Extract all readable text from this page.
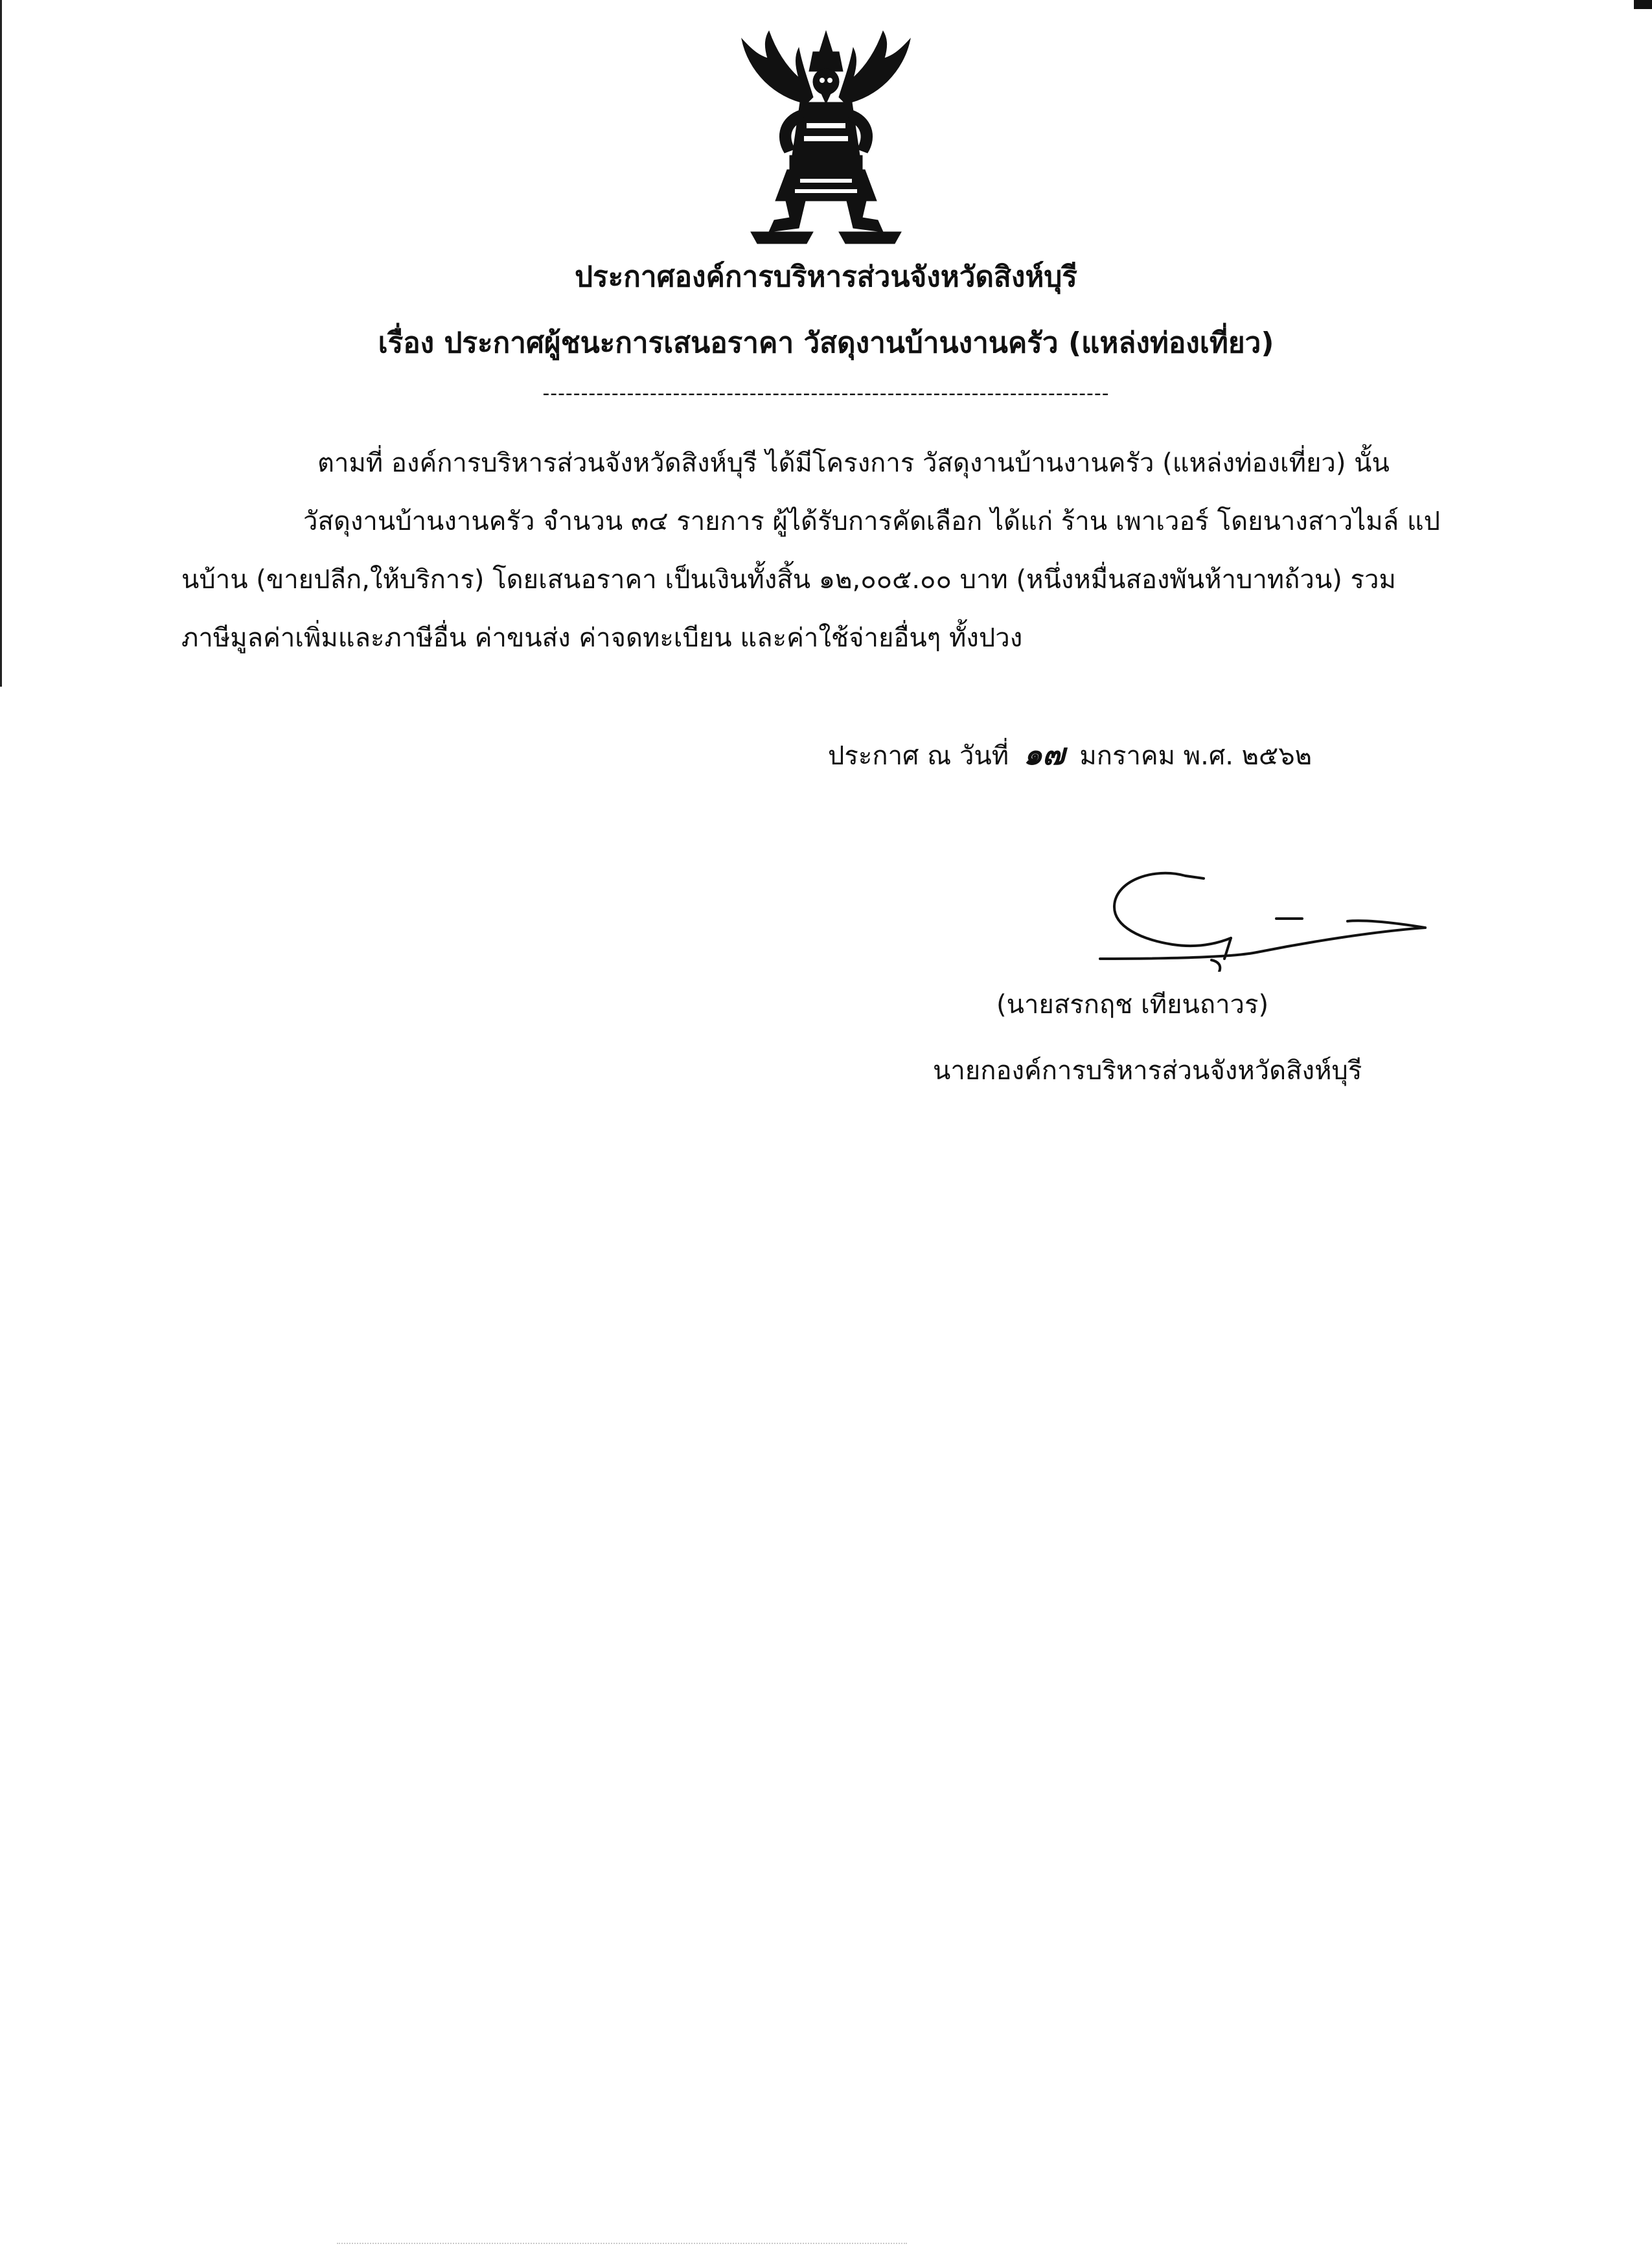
ประกาศองค์การบริหารส่วนจังหวัดสิงห์บุรี
เรื่อง ประกาศผู้ชนะการเสนอราคา วัสดุงานบ้านงานครัว (แหล่งท่องเที่ยว)
--------------------------------------------------------------------------
ตามที่ องค์การบริหารส่วนจังหวัดสิงห์บุรี ได้มีโครงการ วัสดุงานบ้านงานครัว (แหล่งท่องเที่ยว) นั้น
วัสดุงานบ้านงานครัว จำนวน ๓๔ รายการ ผู้ได้รับการคัดเลือก ได้แก่ ร้าน เพาเวอร์ โดยนางสาวไมล์ แป
นบ้าน (ขายปลีก,ให้บริการ) โดยเสนอราคา เป็นเงินทั้งสิ้น ๑๒,๐๐๕.๐๐ บาท (หนึ่งหมื่นสองพันห้าบาทถ้วน) รวม
ภาษีมูลค่าเพิ่มและภาษีอื่น ค่าขนส่ง ค่าจดทะเบียน และค่าใช้จ่ายอื่นๆ ทั้งปวง
ประกาศ ณ วันที่ ๑๗ มกราคม พ.ศ. ๒๕๖๒
(นายสรกฤช เทียนถาวร)
นายกองค์การบริหารส่วนจังหวัดสิงห์บุรี
